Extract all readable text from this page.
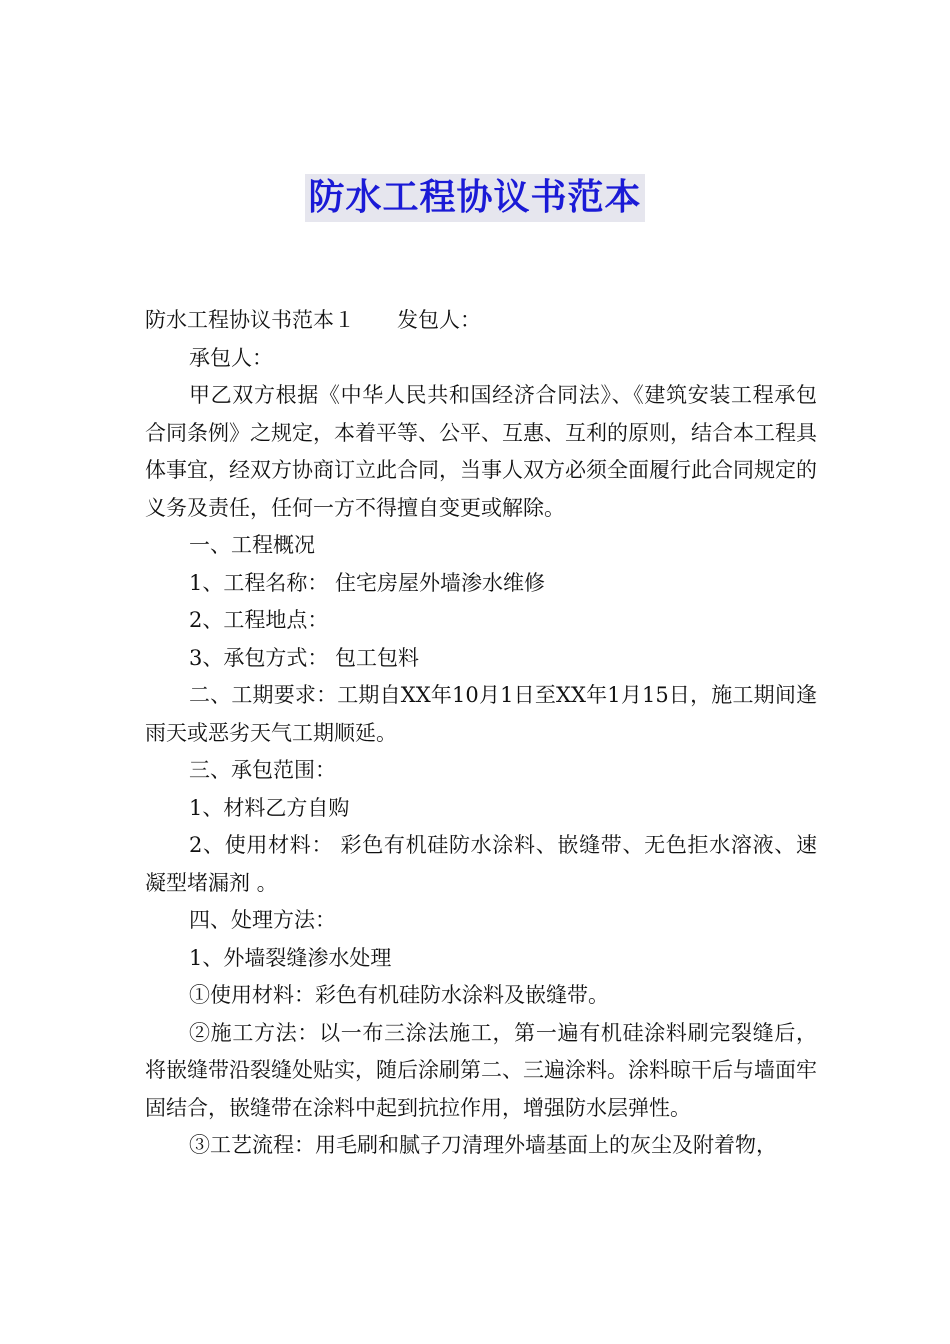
防水工程协议书范本

防水工程协议书范本１ 发包人：

承包人：

甲乙双方根据《中华人民共和国经济合同法》、《建筑安装工程承包合同条例》之规定，本着平等、公平、互惠、互利的原则，结合本工程具体事宜，经双方协商订立此合同，当事人双方必须全面履行此合同规定的义务及责任，任何一方不得擅自变更或解除。

一、工程概况

1、工程名称： 住宅房屋外墙渗水维修

2、工程地点：

3、承包方式： 包工包料

二、工期要求：工期自XX年10月1日至XX年1月15日，施工期间逢雨天或恶劣天气工期顺延。

三、承包范围：

1、材料乙方自购

2、使用材料： 彩色有机硅防水涂料、嵌缝带、无色拒水溶液、速凝型堵漏剂 。

四、处理方法：

1、外墙裂缝渗水处理

①使用材料：彩色有机硅防水涂料及嵌缝带。

②施工方法：以一布三涂法施工，第一遍有机硅涂料刷完裂缝后，将嵌缝带沿裂缝处贴实，随后涂刷第二、三遍涂料。涂料晾干后与墙面牢固结合，嵌缝带在涂料中起到抗拉作用，增强防水层弹性。

③工艺流程：用毛刷和腻子刀清理外墙基面上的灰尘及附着物，
